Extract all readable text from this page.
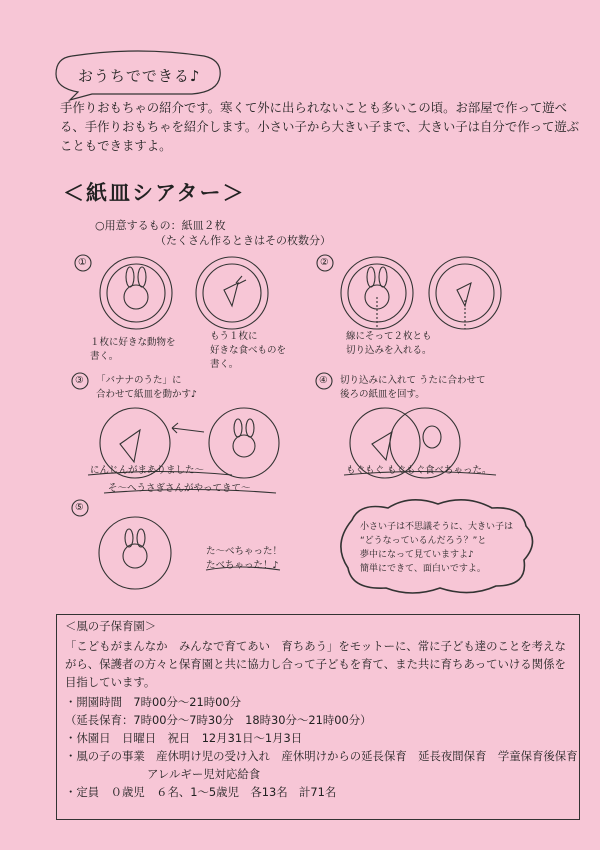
おうちでできる♪

手作りおもちゃの紹介です。寒くて外に出られないことも多いこの頃。お部屋で作って遊べる、手作りおもちゃを紹介します。小さい子から大きい子まで、大きい子は自分で作って遊ぶこともできますよ。

＜紙皿シアター＞
○用意するもの：紙皿２枚
（たくさん作るときはその枚数分）
①	②
③	④
⑤
１枚に好きな動物を
書く。
もう１枚に
好きな食べものを
書く。
線にそって２枚とも
切り込みを入れる。
「バナナのうた」に
合わせて紙皿を動かす♪
切り込みに入れて うたに合わせて
後ろの紙皿を回す。
にんじんがまありました〜
そ〜へうさぎさんがやってきて〜
もぐもぐ もぐもぐ食べちゃった。
た〜べちゃった！
たべちゃった！♪
小さい子は不思議そうに、大きい子は
“どうなっているんだろう？”と
夢中になって見ていますよ♪
簡単にできて、面白いですよ。
＜風の子保育園＞

「こどもがまんなか　みんなで育てあい　育ちあう」をモットーに、常に子ども達のことを考えながら、保護者の方々と保育園と共に協力し合って子どもを育て、また共に育ちあっていける関係を目指しています。

・開園時間　7時00分〜21時00分
（延長保育：7時00分〜7時30分　18時30分〜21時00分）
・休園日　日曜日　祝日　12月31日〜1月3日
・風の子の事業　産休明け児の受け入れ　産休明けからの延長保育　延長夜間保育　学童保育後保育
アレルギー児対応給食
・定員　０歳児　６名、1〜5歳児　各13名　計71名
